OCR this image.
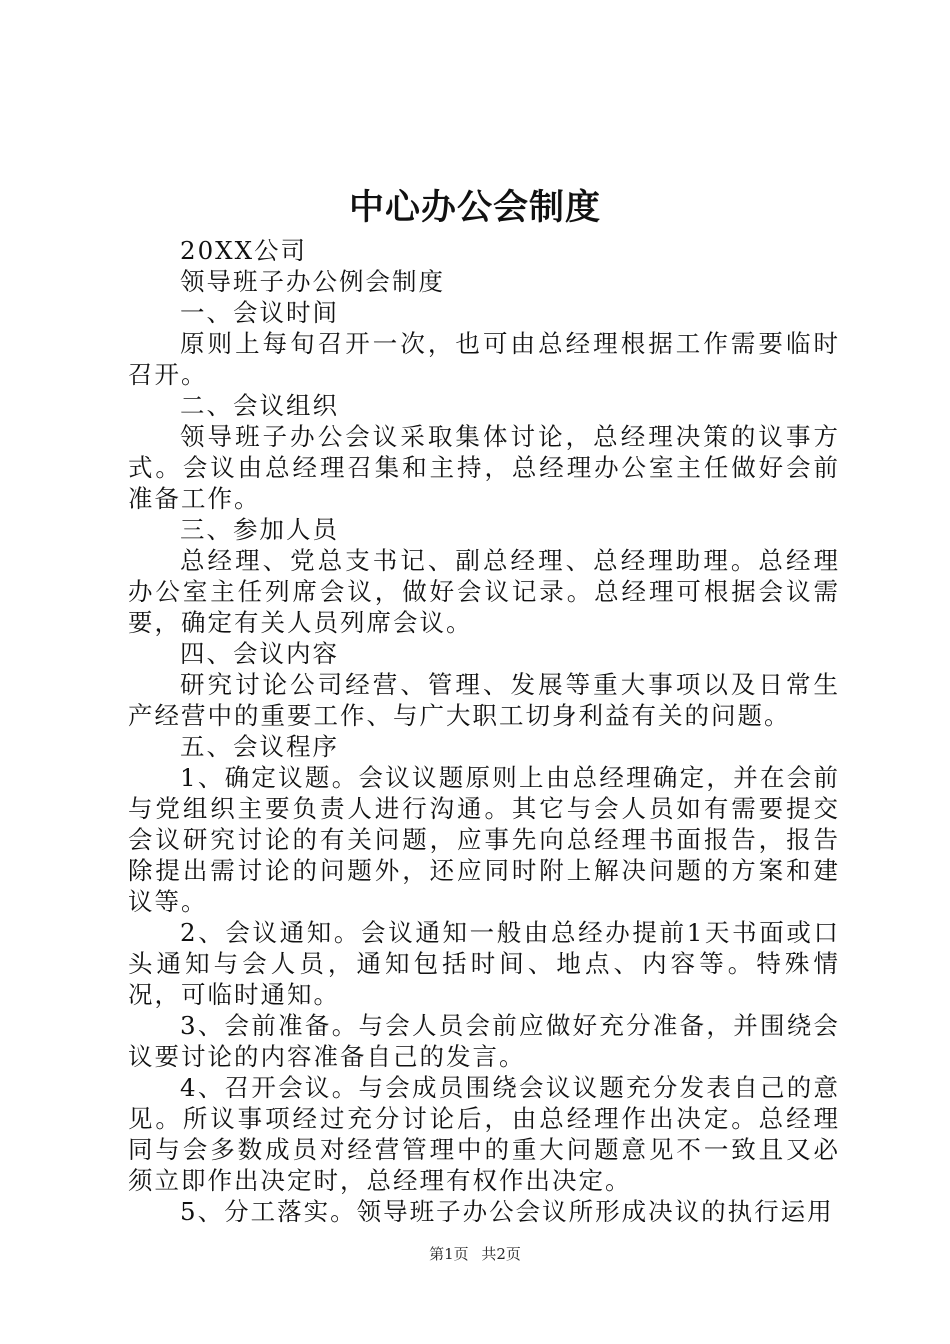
中心办公会制度

20XX公司

领导班子办公例会制度

一、会议时间

原则上每旬召开一次，也可由总经理根据工作需要临时召开。

二、会议组织

领导班子办公会议采取集体讨论，总经理决策的议事方式。会议由总经理召集和主持，总经理办公室主任做好会前准备工作。

三、参加人员

总经理、党总支书记、副总经理、总经理助理。总经理办公室主任列席会议，做好会议记录。总经理可根据会议需要，确定有关人员列席会议。

四、会议内容

研究讨论公司经营、管理、发展等重大事项以及日常生产经营中的重要工作、与广大职工切身利益有关的问题。

五、会议程序

1、确定议题。会议议题原则上由总经理确定，并在会前与党组织主要负责人进行沟通。其它与会人员如有需要提交会议研究讨论的有关问题，应事先向总经理书面报告，报告除提出需讨论的问题外，还应同时附上解决问题的方案和建议等。

2、会议通知。会议通知一般由总经办提前1天书面或口头通知与会人员，通知包括时间、地点、内容等。特殊情况，可临时通知。

3、会前准备。与会人员会前应做好充分准备，并围绕会议要讨论的内容准备自己的发言。

4、召开会议。与会成员围绕会议议题充分发表自己的意见。所议事项经过充分讨论后，由总经理作出决定。总经理同与会多数成员对经营管理中的重大问题意见不一致且又必须立即作出决定时，总经理有权作出决定。

5、分工落实。领导班子办公会议所形成决议的执行运用

第1页 共2页
